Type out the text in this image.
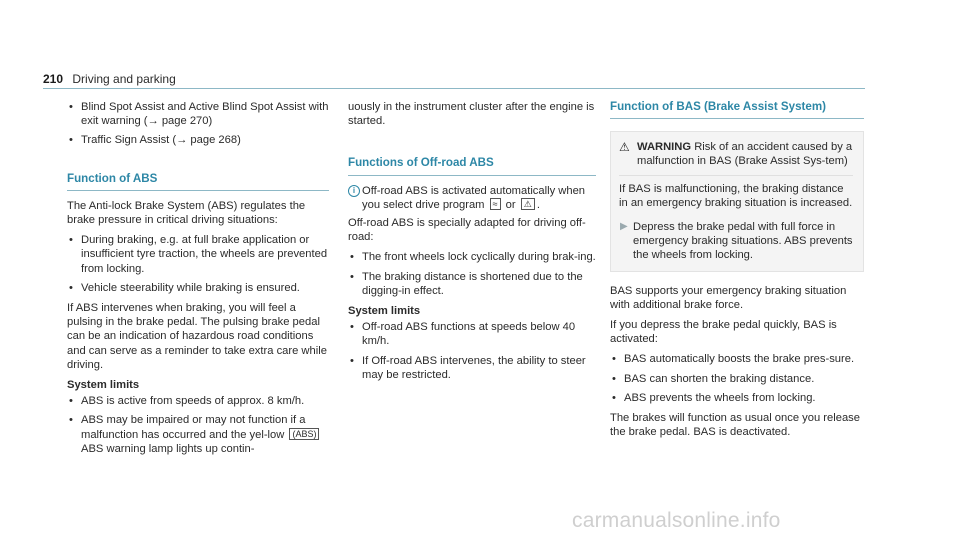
210 Driving and parking
• Blind Spot Assist and Active Blind Spot Assist with exit warning (→ page 270)
• Traffic Sign Assist (→ page 268)
Function of ABS

The Anti-lock Brake System (ABS) regulates the brake pressure in critical driving situations:

• During braking, e.g. at full brake application or insufficient tyre traction, the wheels are prevented from locking.
• Vehicle steerability while braking is ensured.

If ABS intervenes when braking, you will feel a pulsing in the brake pedal. The pulsing brake pedal can be an indication of hazardous road conditions and can serve as a reminder to take extra care while driving.

System limits
• ABS is active from speeds of approx. 8 km/h.
• ABS may be impaired or may not function if a malfunction has occurred and the yel-low (ABS) ABS warning lamp lights up contin-

uously in the instrument cluster after the engine is started.

Functions of Off-road ABS
i Off-road ABS is activated automatically when you select drive program ≈ or ⚠ .

Off-road ABS is specially adapted for driving off-road:

• The front wheels lock cyclically during brak-ing.
• The braking distance is shortened due to the digging-in effect.
System limits
• Off-road ABS functions at speeds below 40 km/h.
• If Off-road ABS intervenes, the ability to steer may be restricted.
Function of BAS (Brake Assist System)
⚠ WARNING Risk of an accident caused by a malfunction in BAS (Brake Assist Sys-tem)

If BAS is malfunctioning, the braking distance in an emergency braking situation is increased.

▶ Depress the brake pedal with full force in emergency braking situations. ABS prevents the wheels from locking.

BAS supports your emergency braking situation with additional brake force.

If you depress the brake pedal quickly, BAS is activated:

• BAS automatically boosts the brake pres-sure.
• BAS can shorten the braking distance.
• ABS prevents the wheels from locking.

The brakes will function as usual once you release the brake pedal. BAS is deactivated.

carmanualsonline.info
